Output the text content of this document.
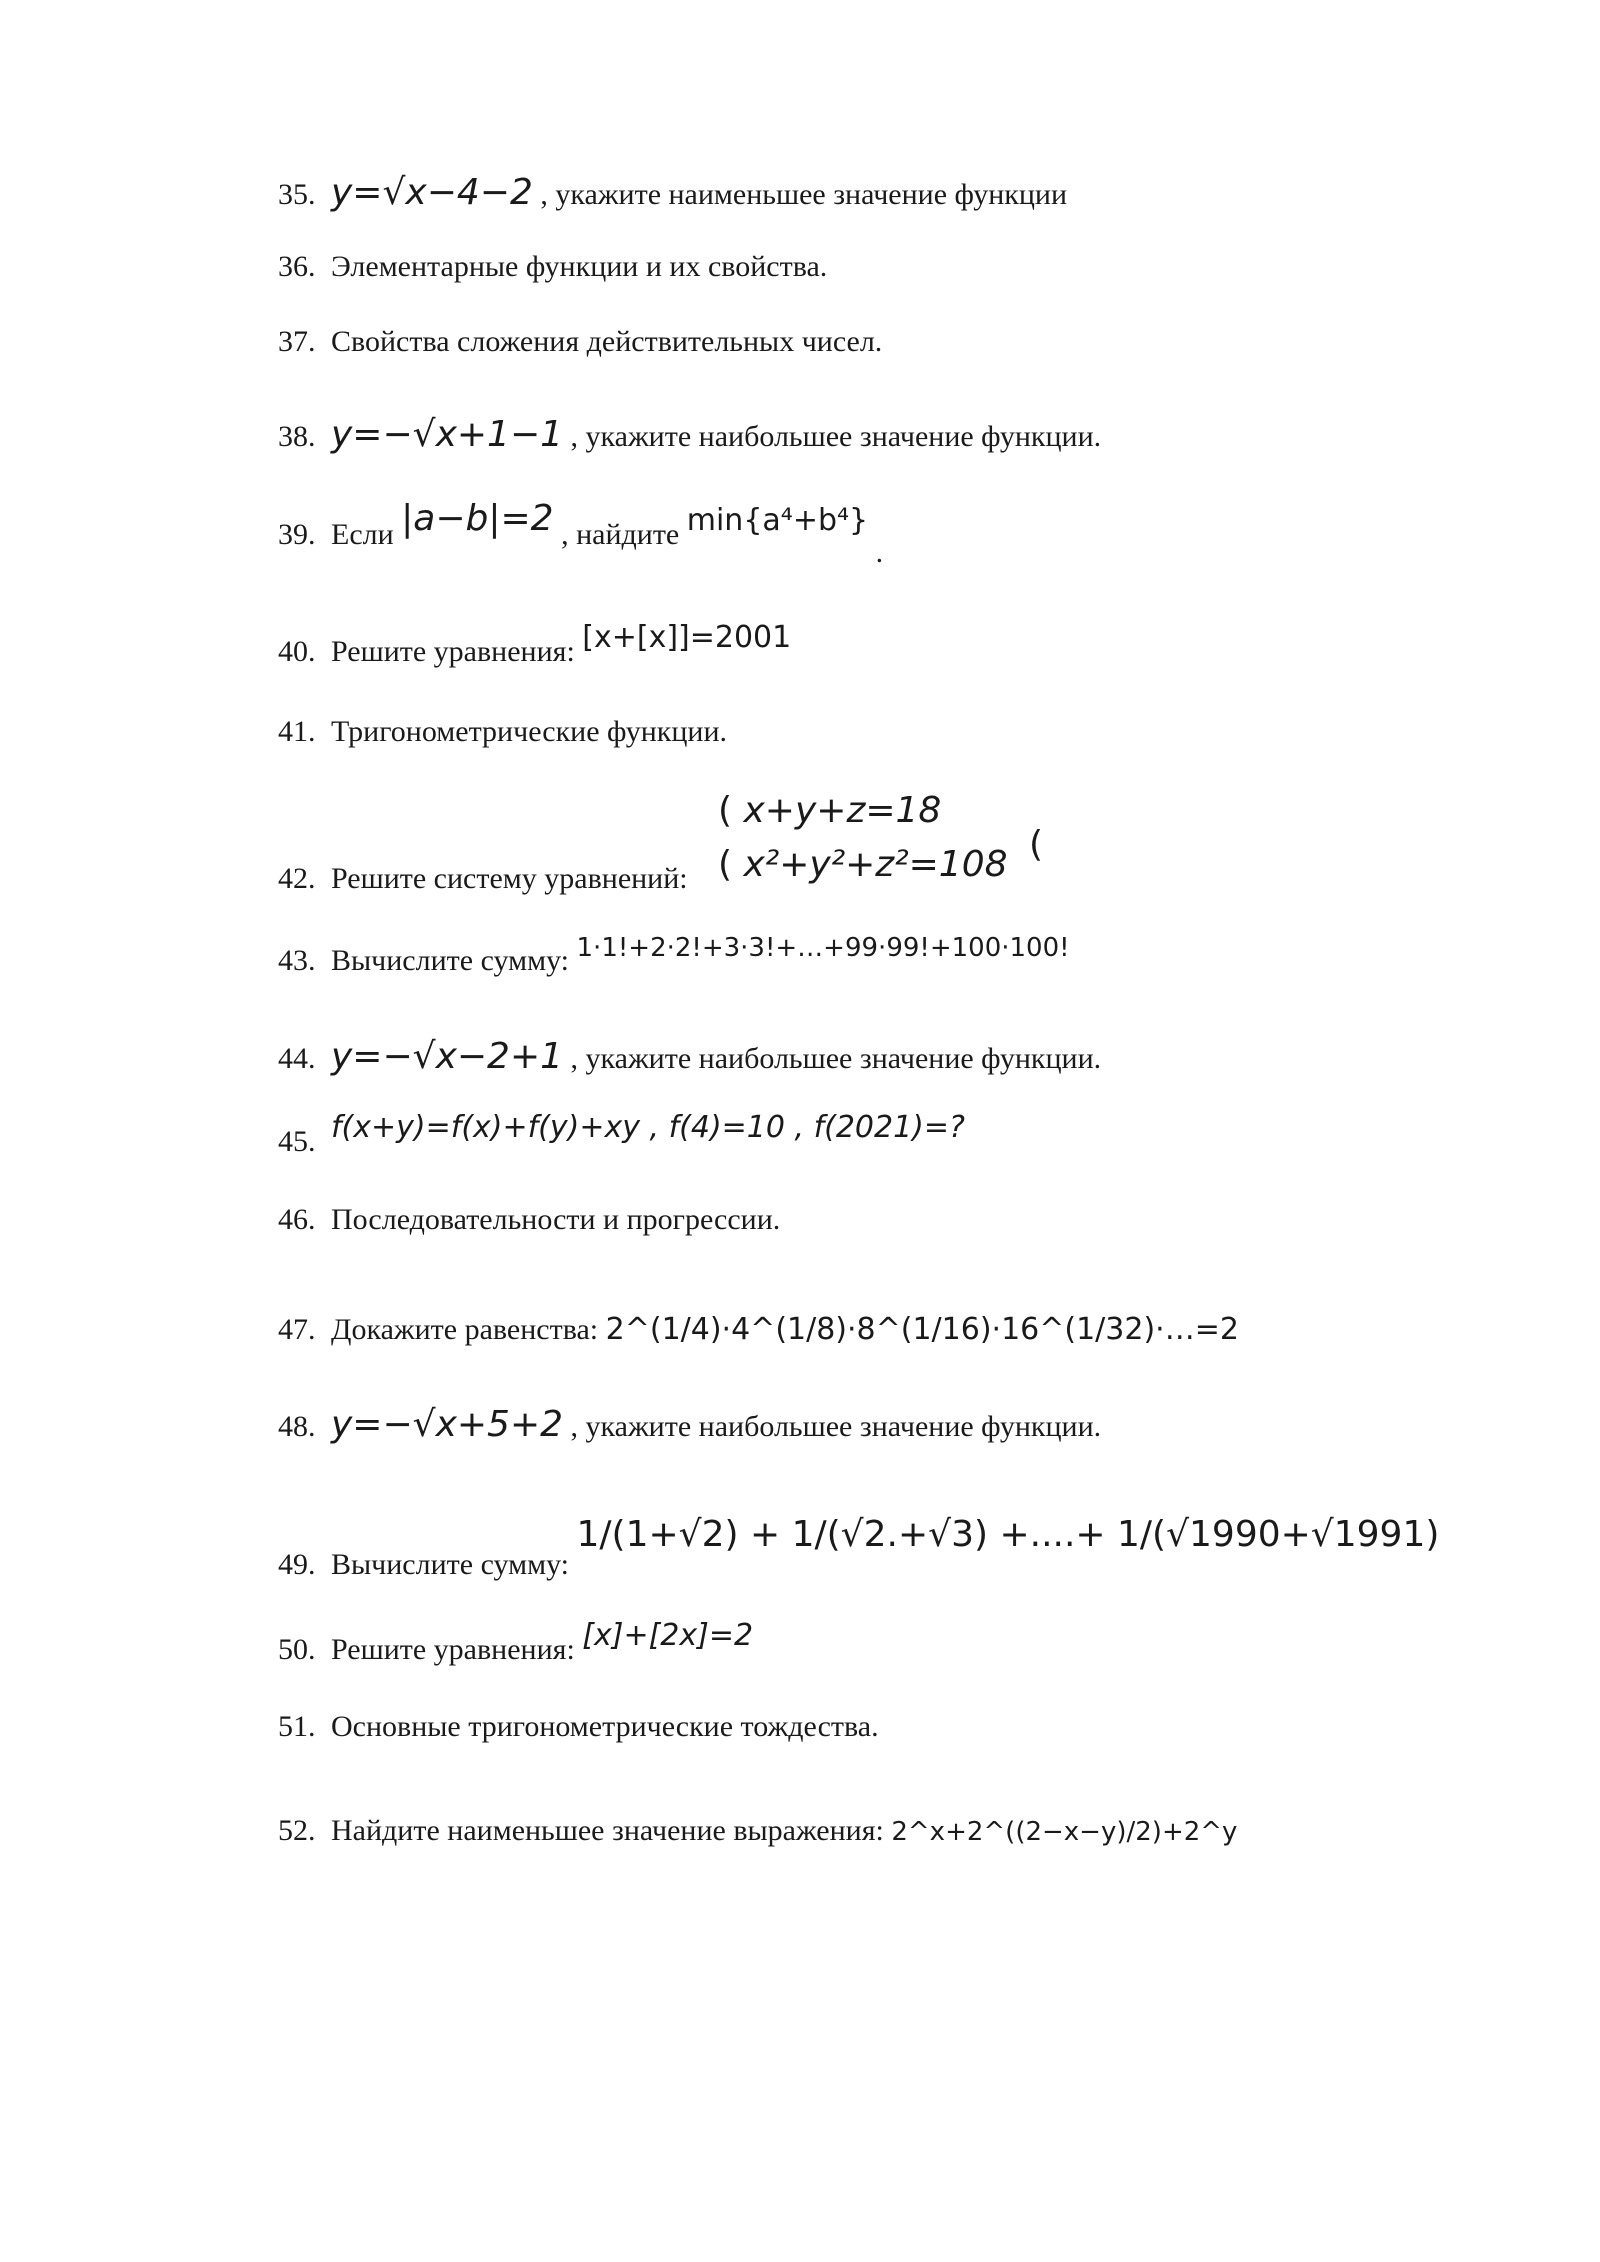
35. y=√x−4−2 , укажите наименьшее значение функции
36. Элементарные функции и их свойства.
37. Свойства сложения действительных чисел.
38. y=−√x+1−1 , укажите наибольшее значение функции.
39. Если |a−b|=2 , найдите min{a⁴+b⁴} .
40. Решите уравнения: [x+[x]]=2001
41. Тригонометрические функции.
( x+y+z=18
( x²+y²+z²=108 (
42. Решите систему уравнений:
43. Вычислите сумму: 1·1!+2·2!+3·3!+…+99·99!+100·100!
44. y=−√x−2+1 , укажите наибольшее значение функции.
45. f(x+y)=f(x)+f(y)+xy , f(4)=10 , f(2021)=?
46. Последовательности и прогрессии.
47. Докажите равенства: 2^(1/4)·4^(1/8)·8^(1/16)·16^(1/32)·…=2
48. y=−√x+5+2 , укажите наибольшее значение функции.
49. Вычислите сумму: 1/(1+√2) + 1/(√2.+√3) +....+ 1/(√1990+√1991)
50. Решите уравнения: [x]+[2x]=2
51. Основные тригонометрические тождества.
52. Найдите наименьшее значение выражения: 2^x+2^((2−x−y)/2)+2^y
